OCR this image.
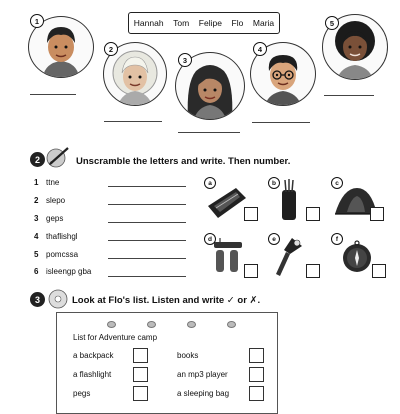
Hannah Tom Felipe Flo Maria
1
2
3
4
5
2	Unscramble the letters and write. Then number.
1 ttne
2 slepo
3 geps
4 thaflishgl
5 pomcssa
6 isleengp gba
a	b	c
d	e	f
3	Look at Flo's list. Listen and write ✓ or ✗.
List for Adventure camp
a backpack	books
a flashlight	an mp3 player
pegs	a sleeping bag
